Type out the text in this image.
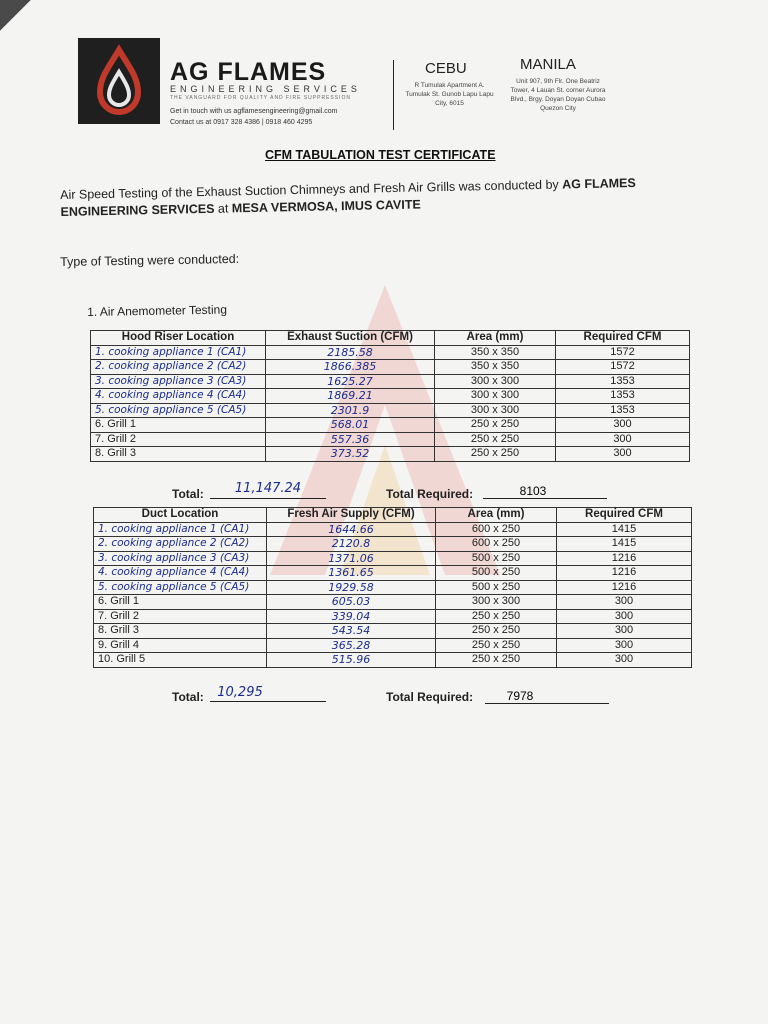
AG FLAMES
ENGINEERING SERVICES
THE VANGUARD FOR QUALITY AND FIRE SUPPRESSION
Get in touch with us agflamesengineering@gmail.com
Contact us at 0917 328 4386 | 0918 460 4295
CEBU
R Tumulak Apartment A. Tumulak St. Gunob Lapu Lapu City, 6015
MANILA
Unit 907, 9th Flr. One Beatriz Tower, 4 Lauan St. corner Aurora Blvd., Brgy. Doyan Doyan Cubao Quezon City
CFM TABULATION TEST CERTIFICATE
Air Speed Testing of the Exhaust Suction Chimneys and Fresh Air Grills was conducted by AG FLAMES ENGINEERING SERVICES at MESA VERMOSA, IMUS CAVITE
Type of Testing were conducted:
1. Air Anemometer Testing
Hood Riser Location	Exhaust Suction (CFM)	Area (mm)	Required CFM
1. cooking appliance 1 (CA1)	2185.58	350 x 350	1572
2. cooking appliance 2 (CA2)	1866.385	350 x 350	1572
3. cooking appliance 3 (CA3)	1625.27	300 x 300	1353
4. cooking appliance 4 (CA4)	1869.21	300 x 300	1353
5. cooking appliance 5 (CA5)	2301.9	300 x 300	1353
6. Grill 1	568.01	250 x 250	300
7. Grill 2	557.36	250 x 250	300
8. Grill 3	373.52	250 x 250	300
Total:	11,147.24	Total Required:	8103
Duct Location	Fresh Air Supply (CFM)	Area (mm)	Required CFM
1. cooking appliance 1 (CA1)	1644.66	600 x 250	1415
2. cooking appliance 2 (CA2)	2120.8	600 x 250	1415
3. cooking appliance 3 (CA3)	1371.06	500 x 250	1216
4. cooking appliance 4 (CA4)	1361.65	500 x 250	1216
5. cooking appliance 5 (CA5)	1929.58	500 x 250	1216
6. Grill 1	605.03	300 x 300	300
7. Grill 2	339.04	250 x 250	300
8. Grill 3	543.54	250 x 250	300
9. Grill 4	365.28	250 x 250	300
10. Grill 5	515.96	250 x 250	300
Total:	10,295	Total Required:	7978
